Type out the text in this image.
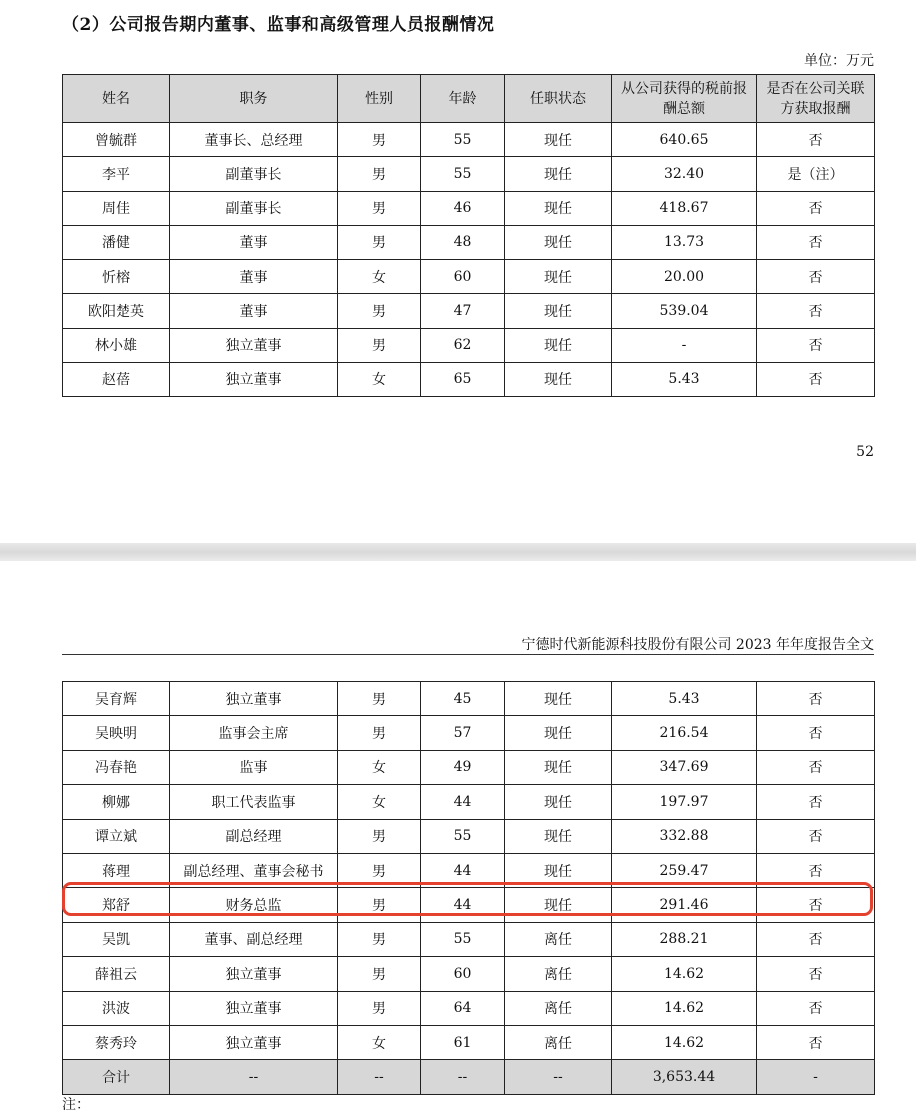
（2）公司报告期内董事、监事和高级管理人员报酬情况
单位：万元
姓名	职务	性别	年龄	任职状态	从公司获得的税前报酬总额	是否在公司关联方获取报酬
曾毓群	董事长、总经理	男	55	现任	640.65	否
李平	副董事长	男	55	现任	32.40	是（注）
周佳	副董事长	男	46	现任	418.67	否
潘健	董事	男	48	现任	13.73	否
忻榕	董事	女	60	现任	20.00	否
欧阳楚英	董事	男	47	现任	539.04	否
林小雄	独立董事	男	62	现任	-	否
赵蓓	独立董事	女	65	现任	5.43	否
52
宁德时代新能源科技股份有限公司 2023 年年度报告全文
吴育辉	独立董事	男	45	现任	5.43	否
吴映明	监事会主席	男	57	现任	216.54	否
冯春艳	监事	女	49	现任	347.69	否
柳娜	职工代表监事	女	44	现任	197.97	否
谭立斌	副总经理	男	55	现任	332.88	否
蒋理	副总经理、董事会秘书	男	44	现任	259.47	否
郑舒	财务总监	男	44	现任	291.46	否
吴凯	董事、副总经理	男	55	离任	288.21	否
薛祖云	独立董事	男	60	离任	14.62	否
洪波	独立董事	男	64	离任	14.62	否
蔡秀玲	独立董事	女	61	离任	14.62	否
合计	--	--	--	--	3,653.44	-
注：
